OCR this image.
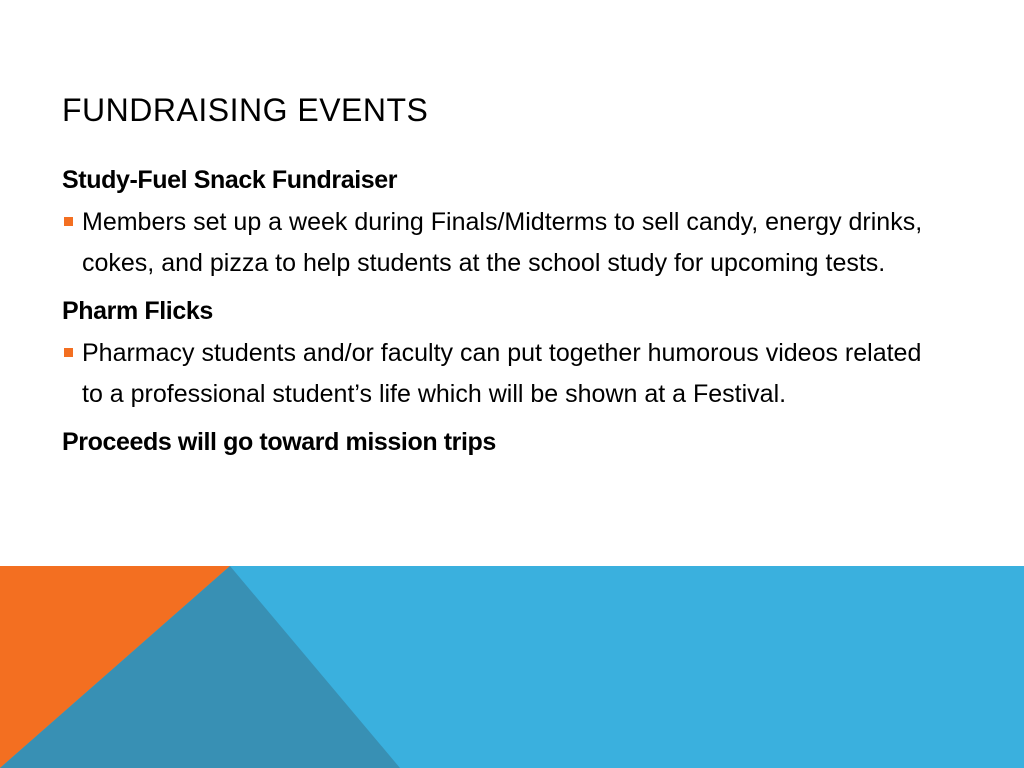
FUNDRAISING EVENTS

Study-Fuel Snack Fundraiser

Members set up a week during Finals/Midterms to sell candy, energy drinks, cokes, and pizza to help students at the school study for upcoming tests.

Pharm Flicks

Pharmacy students and/or faculty can put together humorous videos related to a professional student’s life which will be shown at a Festival.

Proceeds will go toward mission trips
